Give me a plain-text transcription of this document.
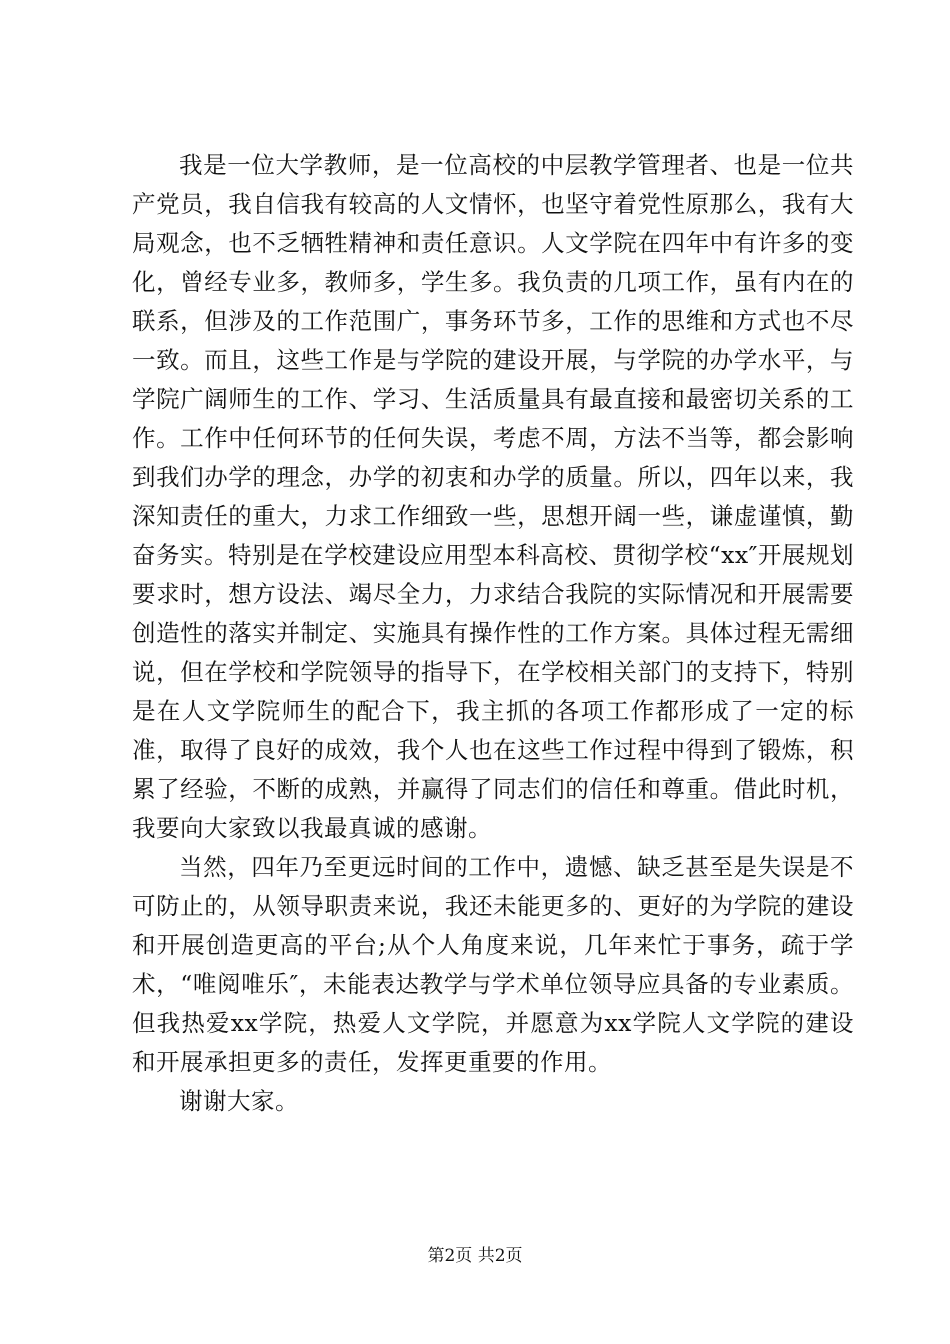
我是一位大学教师，是一位高校的中层教学管理者、也是一位共产党员，我自信我有较高的人文情怀，也坚守着党性原那么，我有大局观念，也不乏牺牲精神和责任意识。人文学院在四年中有许多的变化，曾经专业多，教师多，学生多。我负责的几项工作，虽有内在的联系，但涉及的工作范围广，事务环节多，工作的思维和方式也不尽一致。而且，这些工作是与学院的建设开展，与学院的办学水平，与学院广阔师生的工作、学习、生活质量具有最直接和最密切关系的工作。工作中任何环节的任何失误，考虑不周，方法不当等，都会影响到我们办学的理念，办学的初衷和办学的质量。所以，四年以来，我深知责任的重大，力求工作细致一些，思想开阔一些，谦虚谨慎，勤奋务实。特别是在学校建设应用型本科高校、贯彻学校“xx″开展规划要求时，想方设法、竭尽全力，力求结合我院的实际情况和开展需要创造性的落实并制定、实施具有操作性的工作方案。具体过程无需细说，但在学校和学院领导的指导下，在学校相关部门的支持下，特别是在人文学院师生的配合下，我主抓的各项工作都形成了一定的标准，取得了良好的成效，我个人也在这些工作过程中得到了锻炼，积累了经验，不断的成熟，并赢得了同志们的信任和尊重。借此时机，我要向大家致以我最真诚的感谢。

当然，四年乃至更远时间的工作中，遗憾、缺乏甚至是失误是不可防止的，从领导职责来说，我还未能更多的、更好的为学院的建设和开展创造更高的平台;从个人角度来说，几年来忙于事务，疏于学术，“唯阅唯乐″，未能表达教学与学术单位领导应具备的专业素质。但我热爱xx学院，热爱人文学院，并愿意为xx学院人文学院的建设和开展承担更多的责任，发挥更重要的作用。

谢谢大家。

第2页 共2页
